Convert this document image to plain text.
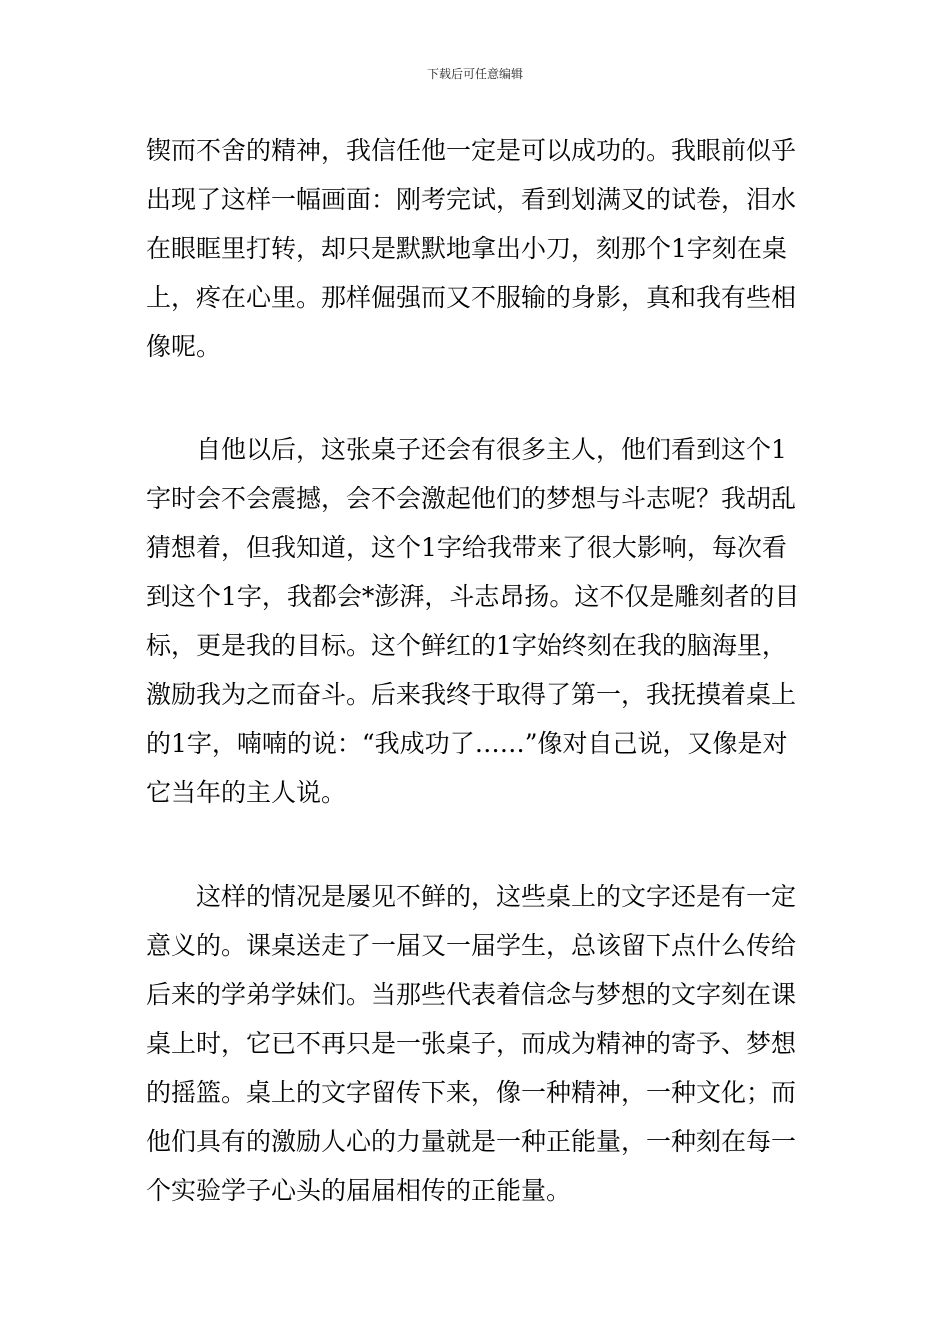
下载后可任意编辑

锲而不舍的精神，我信任他一定是可以成功的。我眼前似乎出现了这样一幅画面：刚考完试，看到划满叉的试卷，泪水在眼眶里打转，却只是默默地拿出小刀，刻那个1字刻在桌上，疼在心里。那样倔强而又不服输的身影，真和我有些相像呢。

自他以后，这张桌子还会有很多主人，他们看到这个1字时会不会震撼，会不会激起他们的梦想与斗志呢？我胡乱猜想着，但我知道，这个1字给我带来了很大影响，每次看到这个1字，我都会*澎湃，斗志昂扬。这不仅是雕刻者的目标，更是我的目标。这个鲜红的1字始终刻在我的脑海里，激励我为之而奋斗。后来我终于取得了第一，我抚摸着桌上的1字，喃喃的说：“我成功了……”像对自己说，又像是对它当年的主人说。

这样的情况是屡见不鲜的，这些桌上的文字还是有一定意义的。课桌送走了一届又一届学生，总该留下点什么传给后来的学弟学妹们。当那些代表着信念与梦想的文字刻在课桌上时，它已不再只是一张桌子，而成为精神的寄予、梦想的摇篮。桌上的文字留传下来，像一种精神，一种文化；而他们具有的激励人心的力量就是一种正能量，一种刻在每一个实验学子心头的届届相传的正能量。
